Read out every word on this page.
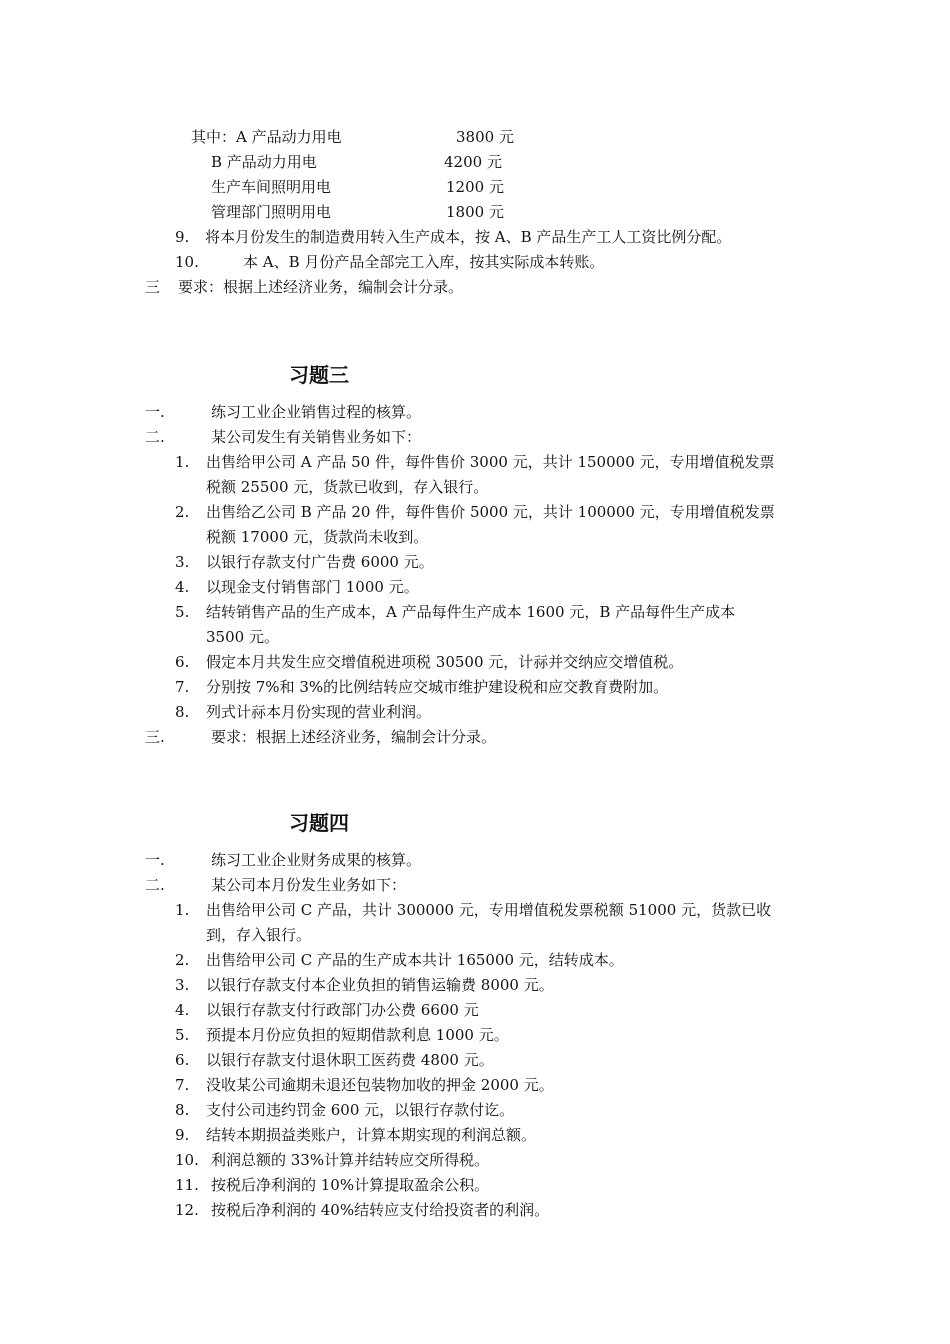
其中：A 产品动力用电	3800 元
B 产品动力用电	4200 元
生产车间照明用电	1200 元
管理部门照明用电	1800 元
9. 将本月份发生的制造费用转入生产成本，按 A、B 产品生产工人工资比例分配。
10.	本 A、B 月份产品全部完工入库，按其实际成本转账。
三 要求：根据上述经济业务，编制会计分录。
习题三
一.	练习工业企业销售过程的核算。
二.	某公司发生有关销售业务如下：
1.	出售给甲公司 A 产品 50 件，每件售价 3000 元，共计 150000 元，专用增值税发票
税额 25500 元，货款已收到，存入银行。
2.	出售给乙公司 B 产品 20 件，每件售价 5000 元，共计 100000 元，专用增值税发票
税额 17000 元，货款尚未收到。
3.	以银行存款支付广告费 6000 元。
4.	以现金支付销售部门 1000 元。
5.	结转销售产品的生产成本，A 产品每件生产成本 1600 元，B 产品每件生产成本
3500 元。
6.	假定本月共发生应交增值税进项税 30500 元，计祘并交纳应交增值税。
7.	分别按 7%和 3%的比例结转应交城市维护建设税和应交教育费附加。
8.	列式计祘本月份实现的营业利润。
三.	要求：根据上述经济业务，编制会计分录。
习题四
一.	练习工业企业财务成果的核算。
二.	某公司本月份发生业务如下：
1.	出售给甲公司 C 产品，共计 300000 元，专用增值税发票税额 51000 元，货款已收
到，存入银行。
2.	出售给甲公司 C 产品的生产成本共计 165000 元，结转成本。
3.	以银行存款支付本企业负担的销售运输费 8000 元。
4.	以银行存款支付行政部门办公费 6600 元
5.	预提本月份应负担的短期借款利息 1000 元。
6.	以银行存款支付退休职工医药费 4800 元。
7.	没收某公司逾期未退还包装物加收的押金 2000 元。
8.	支付公司违约罚金 600 元，以银行存款付讫。
9.	结转本期损益类账户，计算本期实现的利润总额。
10. 利润总额的 33%计算并结转应交所得税。
11. 按税后净利润的 10%计算提取盈余公积。
12. 按税后净利润的 40%结转应支付给投资者的利润。
